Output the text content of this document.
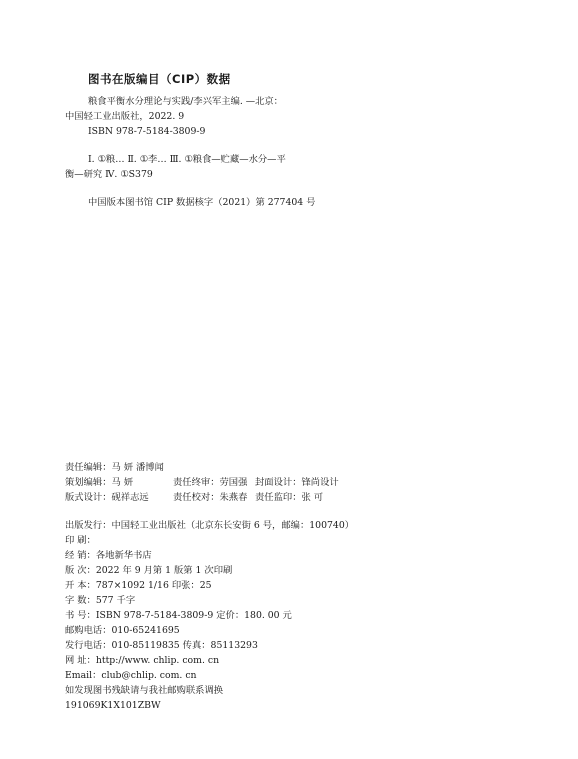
图书在版编目（CIP）数据
粮食平衡水分理论与实践/李兴军主编. —北京：
中国轻工业出版社，2022. 9
ISBN 978-7-5184-3809-9
Ⅰ. ①粮… Ⅱ. ①李… Ⅲ. ①粮食—贮藏—水分—平
衡—研究 Ⅳ. ①S379
中国版本图书馆 CIP 数据核字（2021）第 277404 号
责任编辑：马 妍 潘博闻
策划编辑：马 妍	责任终审：劳国强 封面设计：锋尚设计
版式设计：砚祥志远	责任校对：朱燕春 责任监印：张 可
出版发行：中国轻工业出版社（北京东长安街 6 号，邮编：100740）
印 刷：
经 销：各地新华书店
版 次：2022 年 9 月第 1 版第 1 次印刷
开 本：787×1092 1/16 印张：25
字 数：577 千字
书 号：ISBN 978-7-5184-3809-9 定价：180. 00 元
邮购电话：010-65241695
发行电话：010-85119835 传真：85113293
网 址：http://www. chlip. com. cn
Email：club@chlip. com. cn
如发现图书残缺请与我社邮购联系调换
191069K1X101ZBW
